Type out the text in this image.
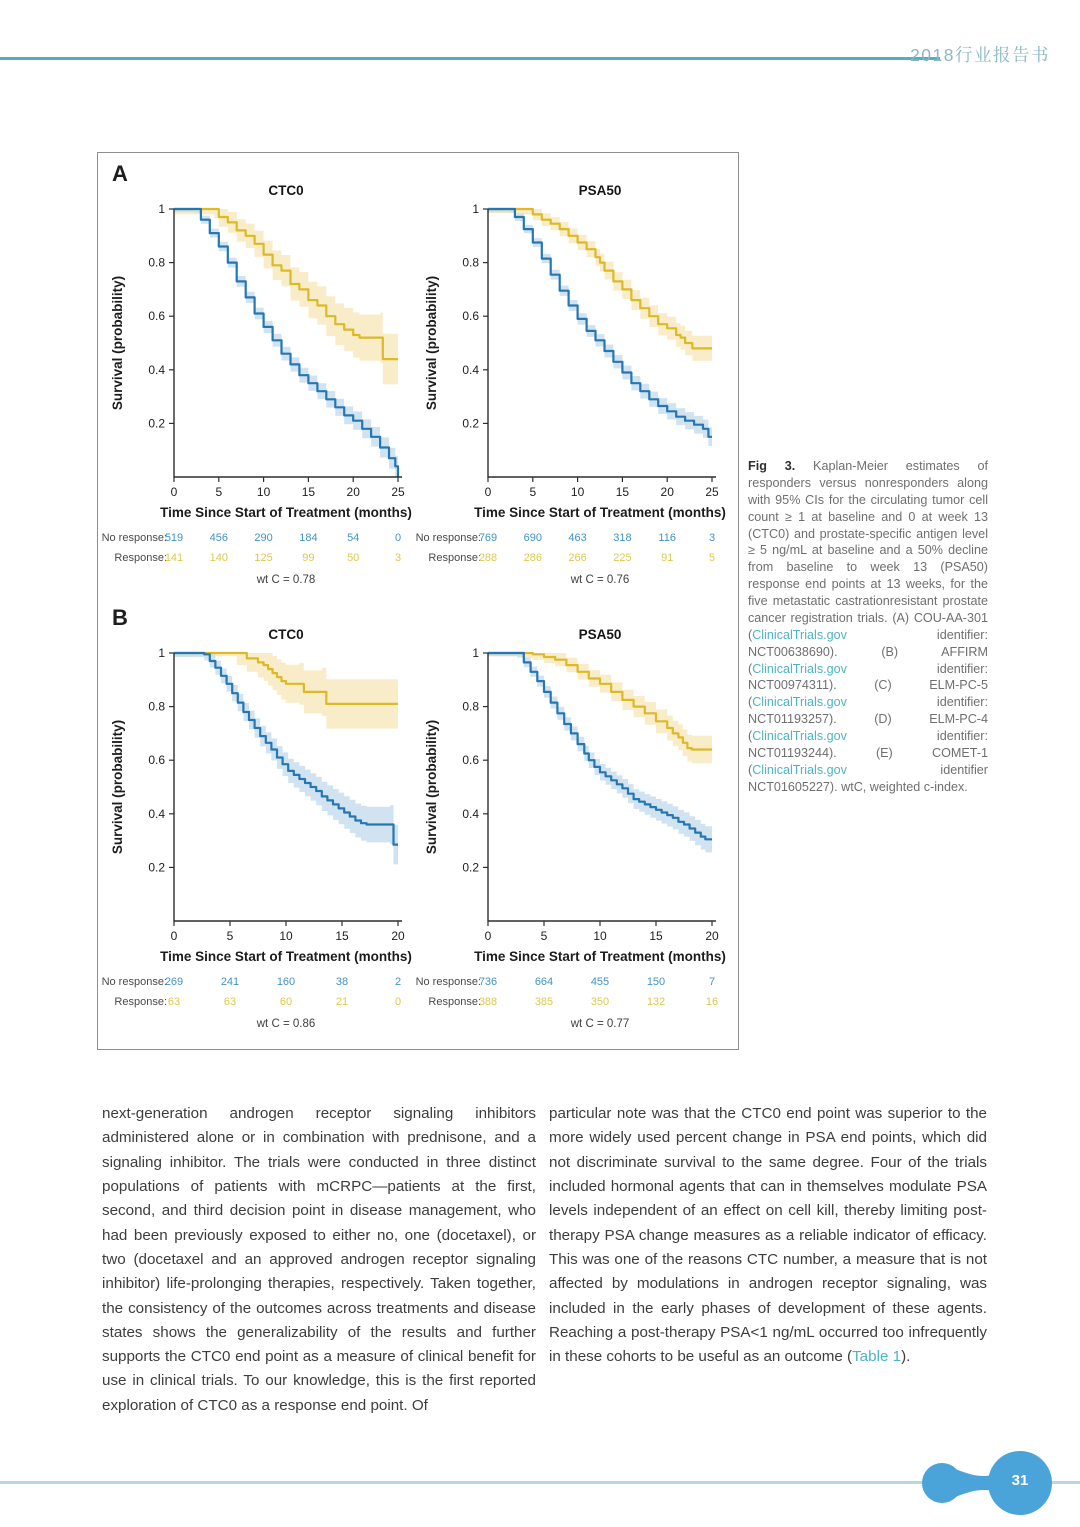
2018行业报告书
A
B
1
0.8
0.6
0.4
0.2
0	5	10	15	20	25
CTC0
Time Since Start of Treatment (months)
Survival (probability)
No response:
519 456 290 184	54	0
Response:
141 140 125	99	50	3
wt C = 0.78
1
0.8
0.6
0.4
0.2
0	5	10	15	20	25
PSA50
Time Since Start of Treatment (months)
Survival (probability)
No response:
769 690 463 318 116	3
Response:
288 286 266 225	91	5
wt C = 0.76
1
0.8
0.6
0.4
0.2
0	5	10	15	20
CTC0
Time Since Start of Treatment (months)
Survival (probability)
No response:
269	241	160	38	2
Response: 63	63	60	21	0
wt C = 0.86
1
0.8
0.6
0.4
0.2
0	5	10	15	20
PSA50
Time Since Start of Treatment (months)
Survival (probability)
No response:
736	664	455	150	7
Response:
388	385	350	132	16
wt C = 0.77
Fig 3. Kaplan-Meier estimates of responders versus nonresponders along with 95% CIs for the circulating tumor cell count ≥ 1 at baseline and 0 at week 13 (CTC0) and prostate-specific antigen level ≥ 5 ng/mL at baseline and a 50% decline from baseline to week 13 (PSA50) response end points at 13 weeks, for the five metastatic castrationresistant prostate cancer registration trials. (A) COU-AA-301 (ClinicalTrials.gov identifier: NCT00638690). (B) AFFIRM (ClinicalTrials.gov identifier: NCT00974311). (C) ELM-PC-5 (ClinicalTrials.gov identifier: NCT01193257). (D) ELM-PC-4 (ClinicalTrials.gov identifier: NCT01193244). (E) COMET-1 (ClinicalTrials.gov identifier NCT01605227). wtC, weighted c-index.
next-generation androgen receptor signaling inhibitors administered alone or in combination with prednisone, and a signaling inhibitor. The trials were conducted in three distinct populations of patients with mCRPC—patients at the first, second, and third decision point in disease management, who had been previously exposed to either no, one (docetaxel), or two (docetaxel and an approved androgen receptor signaling inhibitor) life-prolonging therapies, respectively. Taken together, the consistency of the outcomes across treatments and disease states shows the generalizability of the results and further supports the CTC0 end point as a measure of clinical benefit for use in clinical trials. To our knowledge, this is the first reported exploration of CTC0 as a response end point. Of
particular note was that the CTC0 end point was superior to the more widely used percent change in PSA end points, which did not discriminate survival to the same degree. Four of the trials included hormonal agents that can in themselves modulate PSA levels independent of an effect on cell kill, thereby limiting post-therapy PSA change measures as a reliable indicator of efficacy. This was one of the reasons CTC number, a measure that is not affected by modulations in androgen receptor signaling, was included in the early phases of development of these agents. Reaching a post-therapy PSA<1 ng/mL occurred too infrequently in these cohorts to be useful as an outcome (Table 1).
31
